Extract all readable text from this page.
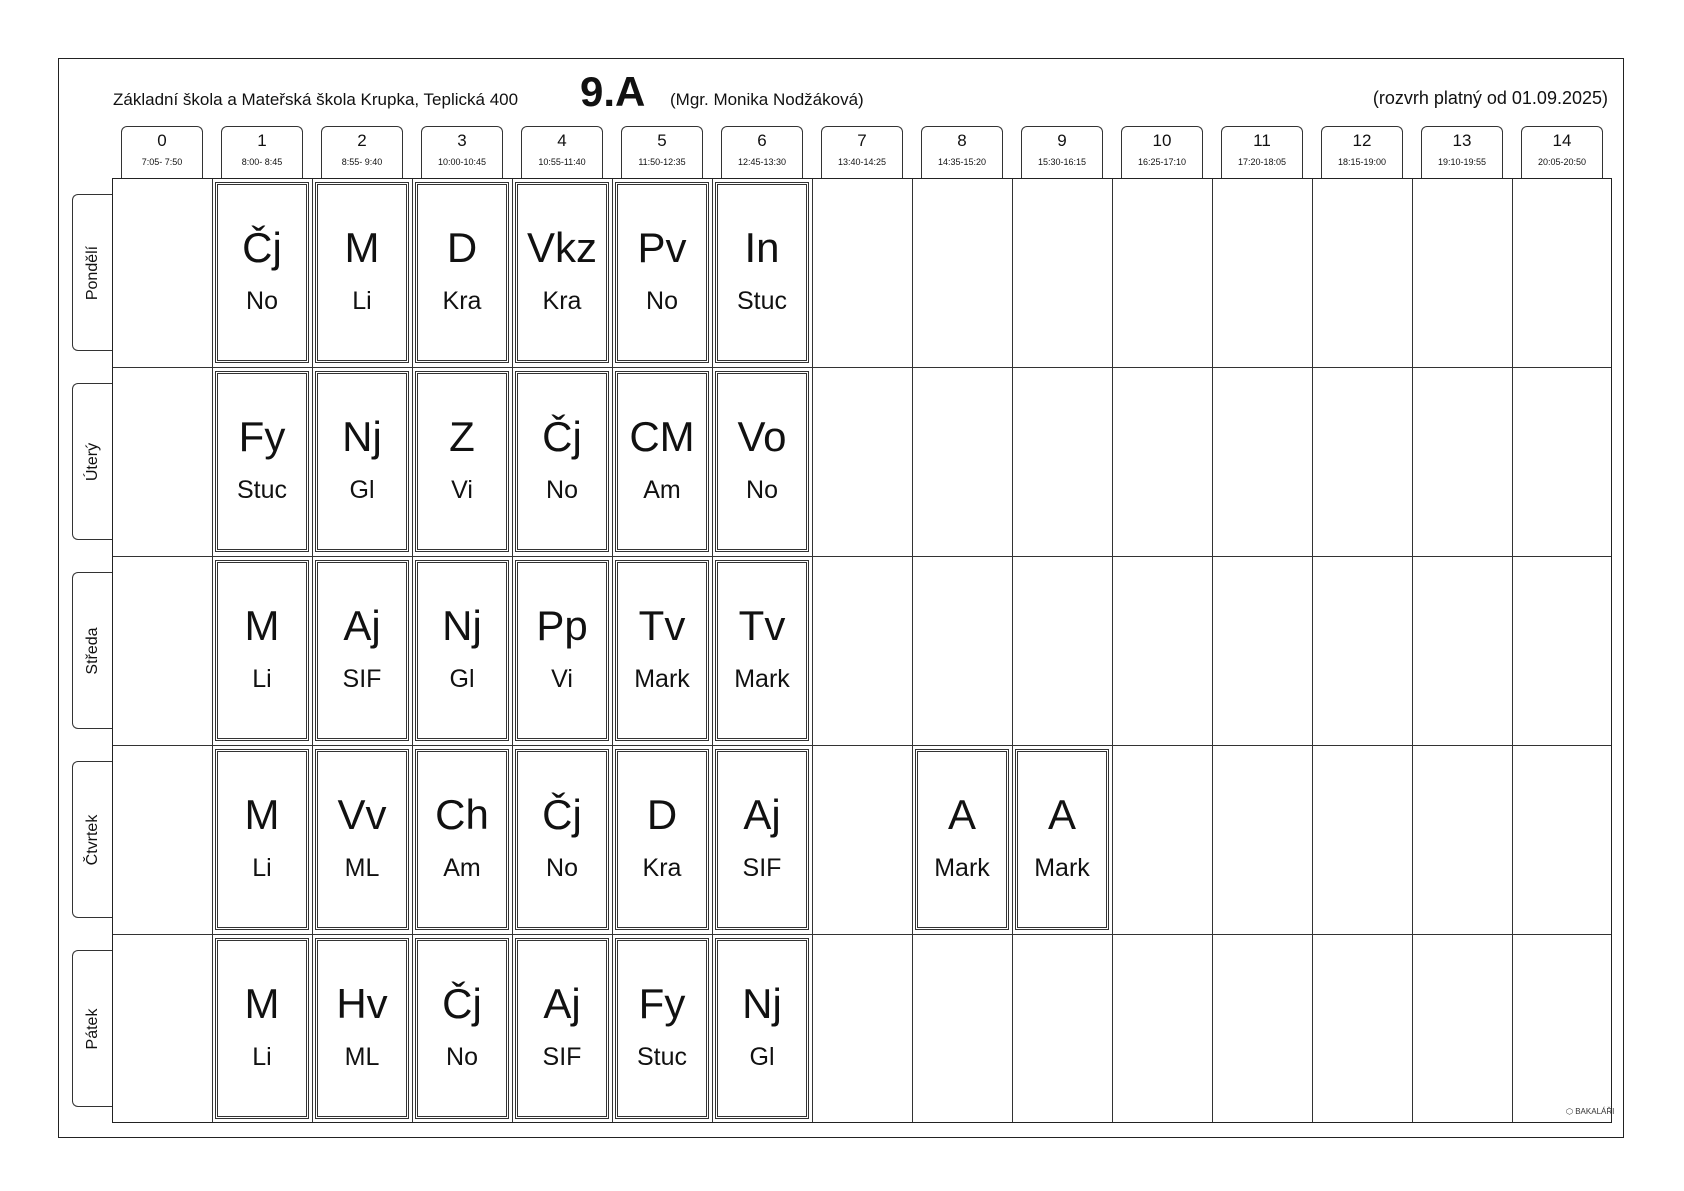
Základní škola a Mateřská škola Krupka, Teplická 400 9.A (Mgr. Monika Nodžáková)	(rozvrh platný od 01.09.2025)
0
7:05- 7:50
1
8:00- 8:45
2
8:55- 9:40
3
10:00-10:45
4
10:55-11:40
5
11:50-12:35
6
12:45-13:30
7
13:40-14:25
8
14:35-15:20
9
15:30-16:15
10
16:25-17:10
11
17:20-18:05
12
18:15-19:00
13
19:10-19:55
14
20:05-20:50
Pondělí
Úterý
Středa
Čtvrtek
Pátek
Čj
No
M
Li
D
Kra
Vkz
Kra
Pv
No
In
Stuc
Fy
Stuc
Nj
Gl
Z
Vi
Čj
No
CM
Am
Vo
No
M
Li
Aj
SIF
Nj
Gl
Pp
Vi
Tv
Mark
Tv
Mark
M
Li
Vv
ML
Ch
Am
Čj
No
D
Kra
Aj
SIF
A
Mark
A
Mark
M
Li
Hv
ML
Čj
No
Aj
SIF
Fy
Stuc
Nj
Gl
⬡ BAKALÁŘI
